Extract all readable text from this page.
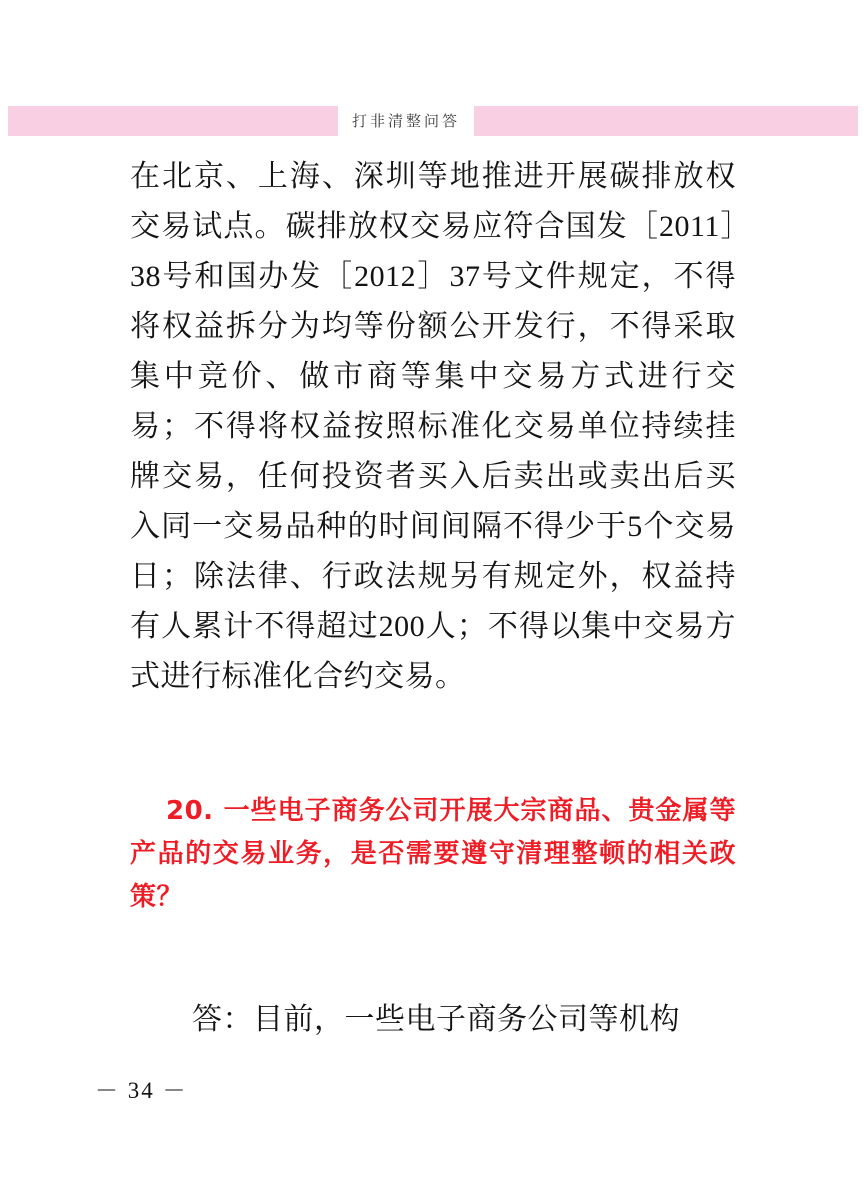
打非清整问答

在北京、上海、深圳等地推进开展碳排放权交易试点。碳排放权交易应符合国发［2011］38号和国办发［2012］37号文件规定，不得将权益拆分为均等份额公开发行，不得采取集中竞价、做市商等集中交易方式进行交易；不得将权益按照标准化交易单位持续挂牌交易，任何投资者买入后卖出或卖出后买入同一交易品种的时间间隔不得少于5个交易日；除法律、行政法规另有规定外，权益持有人累计不得超过200人；不得以集中交易方式进行标准化合约交易。

20. 一些电子商务公司开展大宗商品、贵金属等产品的交易业务，是否需要遵守清理整顿的相关政策？

答：目前，一些电子商务公司等机构

－ 34 －
